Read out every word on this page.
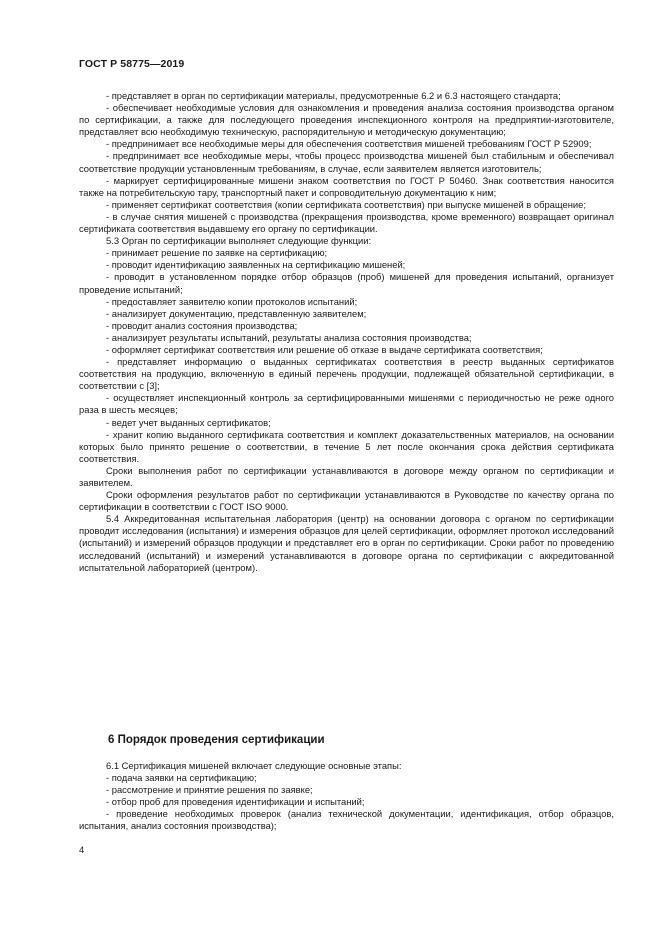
ГОСТ Р 58775—2019

- представляет в орган по сертификации материалы, предусмотренные 6.2 и 6.3 настоящего стандарта;

- обеспечивает необходимые условия для ознакомления и проведения анализа состояния производства органом по сертификации, а также для последующего проведения инспекционного контроля на предприятии-изготовителе, представляет всю необходимую техническую, распорядительную и методическую документацию;

- предпринимает все необходимые меры для обеспечения соответствия мишеней требованиям ГОСТ Р 52909;

- предпринимает все необходимые меры, чтобы процесс производства мишеней был стабильным и обеспечивал соответствие продукции установленным требованиям, в случае, если заявителем является изготовитель;

- маркирует сертифицированные мишени знаком соответствия по ГОСТ Р 50460. Знак соответствия наносится также на потребительскую тару, транспортный пакет и сопроводительную документацию к ним;

- применяет сертификат соответствия (копии сертификата соответствия) при выпуске мишеней в обращение;

- в случае снятия мишеней с производства (прекращения производства, кроме временного) возвращает оригинал сертификата соответствия выдавшему его органу по сертификации.

5.3 Орган по сертификации выполняет следующие функции:

- принимает решение по заявке на сертификацию;

- проводит идентификацию заявленных на сертификацию мишеней;

- проводит в установленном порядке отбор образцов (проб) мишеней для проведения испытаний, организует проведение испытаний;

- предоставляет заявителю копии протоколов испытаний;

- анализирует документацию, представленную заявителем;

- проводит анализ состояния производства;

- анализирует результаты испытаний, результаты анализа состояния производства;

- оформляет сертификат соответствия или решение об отказе в выдаче сертификата соответствия;

- представляет информацию о выданных сертификатах соответствия в реестр выданных сертификатов соответствия на продукцию, включенную в единый перечень продукции, подлежащей обязательной сертификации, в соответствии с [3];

- осуществляет инспекционный контроль за сертифицированными мишенями с периодичностью не реже одного раза в шесть месяцев;

- ведет учет выданных сертификатов;

- хранит копию выданного сертификата соответствия и комплект доказательственных материалов, на основании которых было принято решение о соответствии, в течение 5 лет после окончания срока действия сертификата соответствия.

Сроки выполнения работ по сертификации устанавливаются в договоре между органом по сертификации и заявителем.

Сроки оформления результатов работ по сертификации устанавливаются в Руководстве по качеству органа по сертификации в соответствии с ГОСТ ISO 9000.

5.4 Аккредитованная испытательная лаборатория (центр) на основании договора с органом по сертификации проводит исследования (испытания) и измерения образцов для целей сертификации, оформляет протокол исследований (испытаний) и измерений образцов продукции и представляет его в орган по сертификации. Сроки работ по проведению исследований (испытаний) и измерений устанавливаются в договоре органа по сертификации с аккредитованной испытательной лабораторией (центром).

6 Порядок проведения сертификации

6.1 Сертификация мишеней включает следующие основные этапы:

- подача заявки на сертификацию;

- рассмотрение и принятие решения по заявке;

- отбор проб для проведения идентификации и испытаний;

- проведение необходимых проверок (анализ технической документации, идентификация, отбор образцов, испытания, анализ состояния производства);

4
